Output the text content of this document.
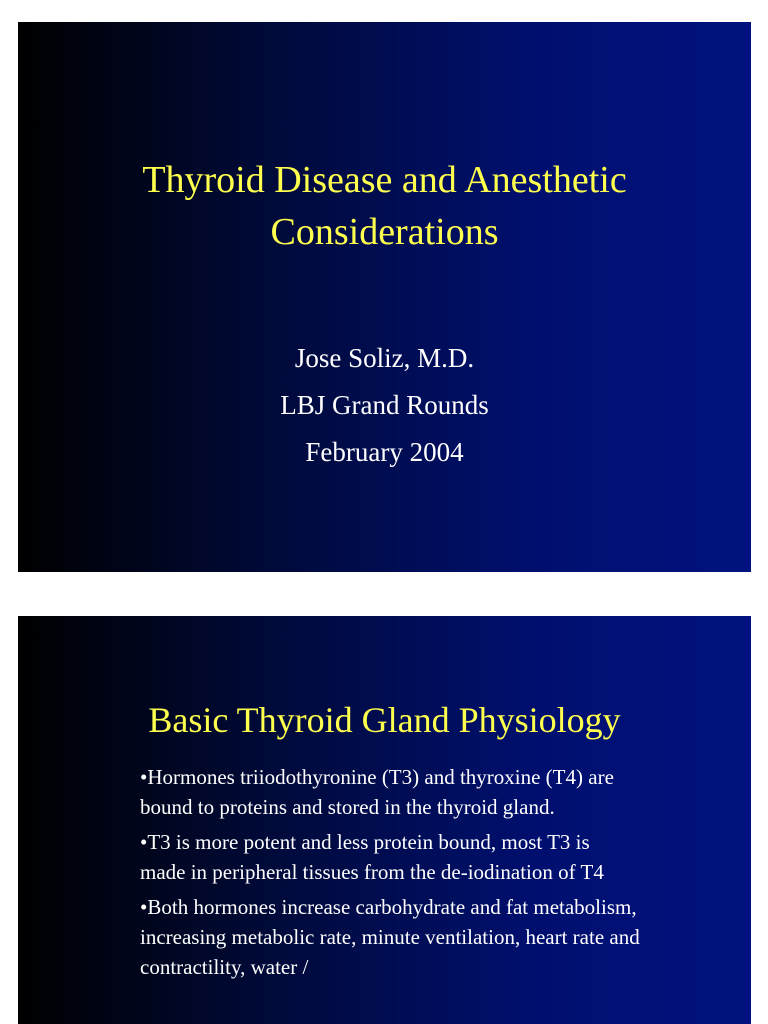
Thyroid Disease and Anesthetic
Considerations
Jose Soliz, M.D.
LBJ Grand Rounds
February 2004
Basic Thyroid Gland Physiology
•Hormones triiodothyronine (T3) and thyroxine (T4) are bound to proteins and stored in the thyroid gland.
•T3 is more potent and less protein bound, most T3 is made in peripheral tissues from the de-iodination of T4
•Both hormones increase carbohydrate and fat metabolism, increasing metabolic rate, minute ventilation, heart rate and contractility, water /
